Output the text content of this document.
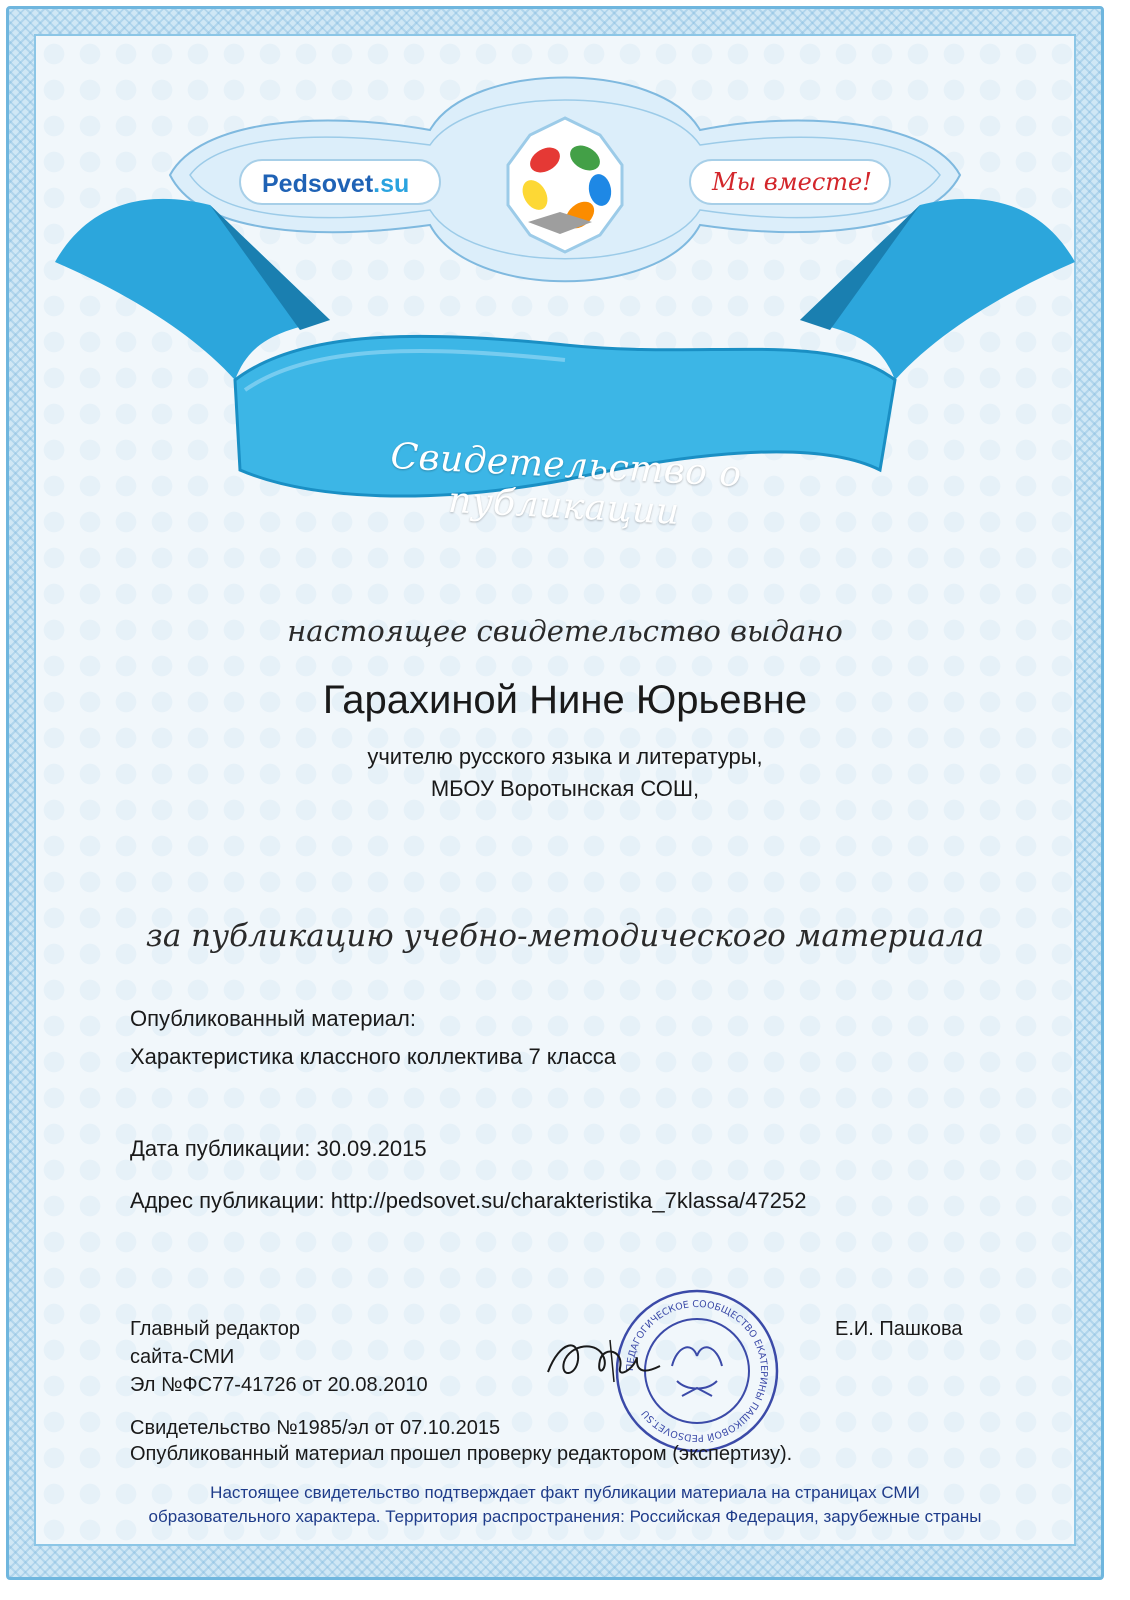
Pedsovet.su	Мы вместе!
Свидетельство о публикации
настоящее свидетельство выдано
Гарахиной Нине Юрьевне
учителю русского языка и литературы,
МБОУ Воротынская СОШ,
за публикацию учебно-методического материала
Опубликованный материал:
Характеристика классного коллектива 7 класса
Дата публикации: 30.09.2015
Адрес публикации: http://pedsovet.su/charakteristika_7klassa/47252
Главный редактор
сайта-СМИ
Эл №ФС77-41726 от 20.08.2010
Е.И. Пашкова
ПЕДАГОГИЧЕСКОЕ СООБЩЕСТВО ЕКАТЕРИНЫ ПАШКОВОЙ PEDSOVET.SU
Свидетельство №1985/эл от 07.10.2015
Опубликованный материал прошел проверку редактором (экспертизу).
Настоящее свидетельство подтверждает факт публикации материала на страницах СМИ
образовательного характера. Территория распространения: Российская Федерация, зарубежные страны
